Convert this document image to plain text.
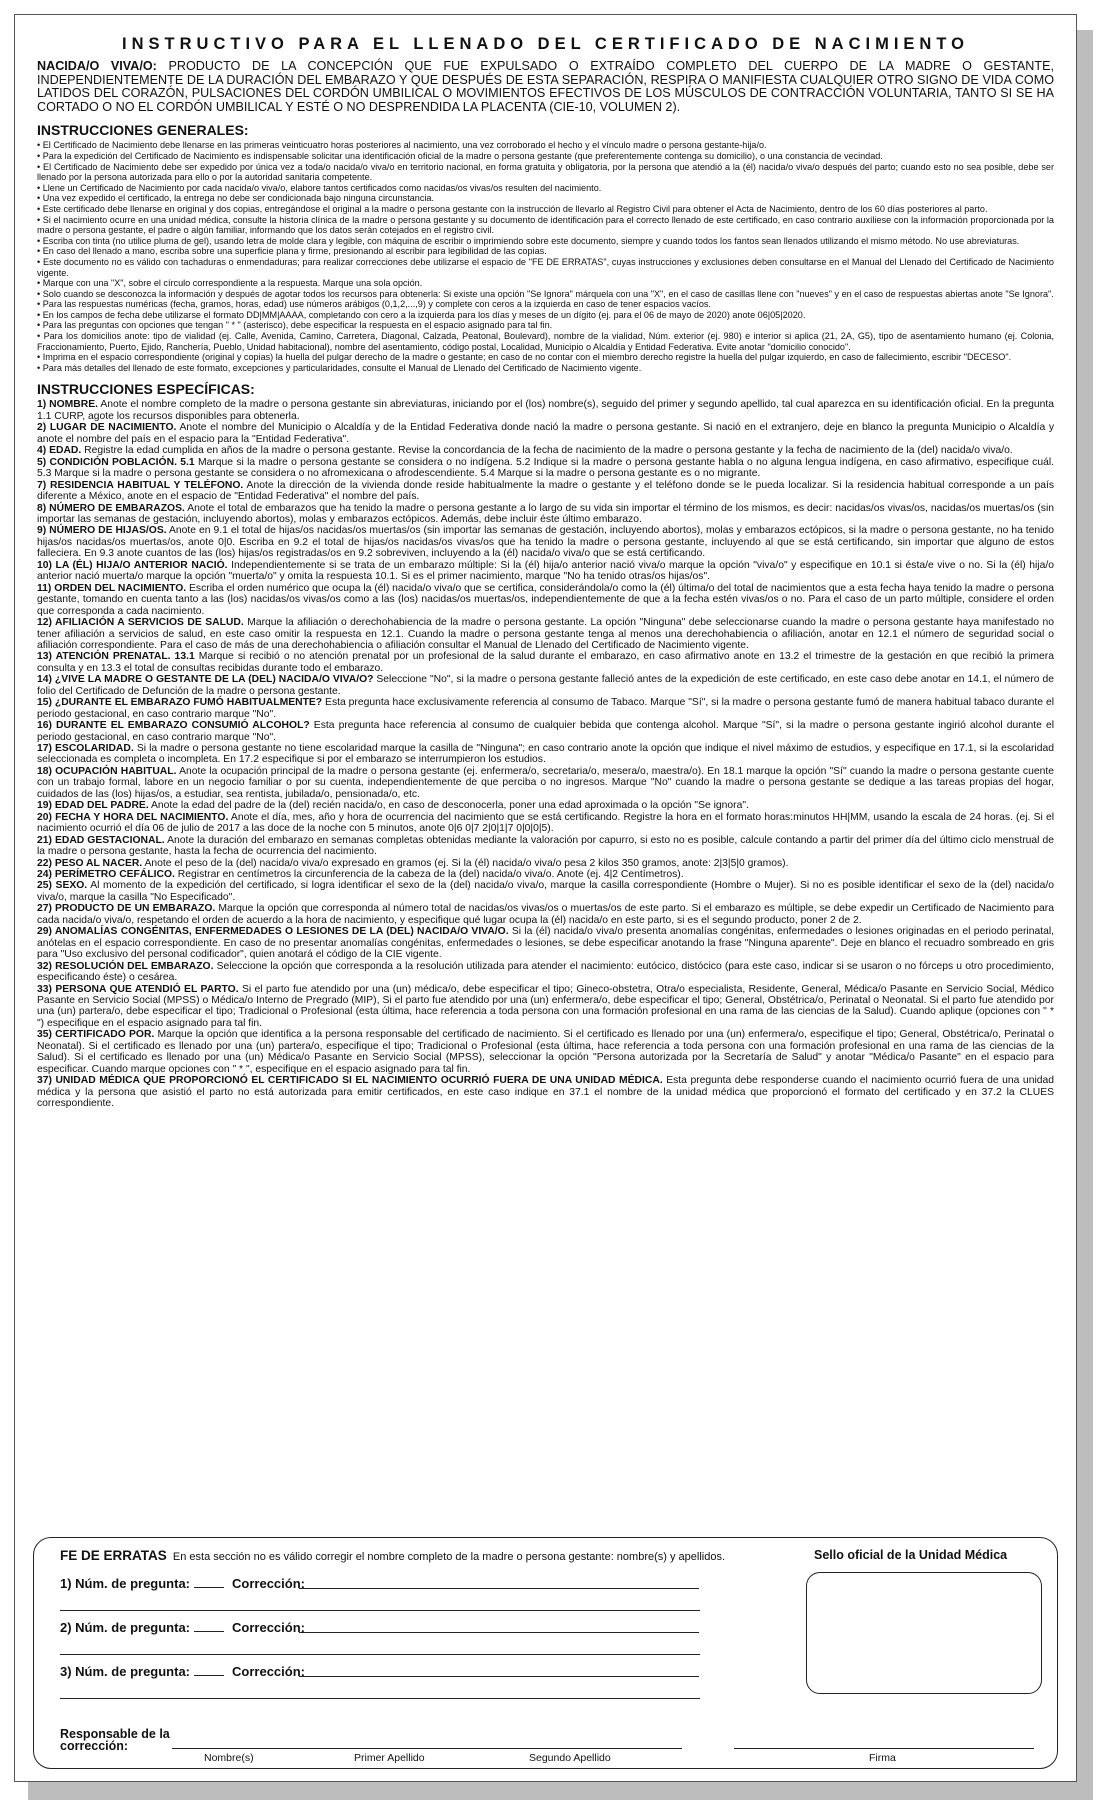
INSTRUCTIVO PARA EL LLENADO DEL CERTIFICADO DE NACIMIENTO

NACIDA/O VIVA/O: PRODUCTO DE LA CONCEPCIÓN QUE FUE EXPULSADO O EXTRAÍDO COMPLETO DEL CUERPO DE LA MADRE O GESTANTE, INDEPENDIENTEMENTE DE LA DURACIÓN DEL EMBARAZO Y QUE DESPUÉS DE ESTA SEPARACIÓN, RESPIRA O MANIFIESTA CUALQUIER OTRO SIGNO DE VIDA COMO LATIDOS DEL CORAZÓN, PULSACIONES DEL CORDÓN UMBILICAL O MOVIMIENTOS EFECTIVOS DE LOS MÚSCULOS DE CONTRACCIÓN VOLUNTARIA, TANTO SI SE HA CORTADO O NO EL CORDÓN UMBILICAL Y ESTÉ O NO DESPRENDIDA LA PLACENTA (CIE-10, VOLUMEN 2).

INSTRUCCIONES GENERALES:
• El Certificado de Nacimiento debe llenarse en las primeras veinticuatro horas posteriores al nacimiento, una vez corroborado el hecho y el vínculo madre o persona gestante-hija/o.
• Para la expedición del Certificado de Nacimiento es indispensable solicitar una identificación oficial de la madre o persona gestante (que preferentemente contenga su domicilio), o una constancia de vecindad.
• El Certificado de Nacimiento debe ser expedido por única vez a toda/o nacida/o viva/o en territorio nacional, en forma gratuita y obligatoria, por la persona que atendió a la (él) nacida/o viva/o después del parto; cuando esto no sea posible, debe ser llenado por la persona autorizada para ello o por la autoridad sanitaria competente.
• Llene un Certificado de Nacimiento por cada nacida/o viva/o, elabore tantos certificados como nacidas/os vivas/os resulten del nacimiento.
• Una vez expedido el certificado, la entrega no debe ser condicionada bajo ninguna circunstancia.
• Este certificado debe llenarse en original y dos copias, entregándose el original a la madre o persona gestante con la instrucción de llevarlo al Registro Civil para obtener el Acta de Nacimiento, dentro de los 60 días posteriores al parto.
• Si el nacimiento ocurre en una unidad médica, consulte la historia clínica de la madre o persona gestante y su documento de identificación para el correcto llenado de este certificado, en caso contrario auxíliese con la información proporcionada por la madre o persona gestante, el padre o algún familiar, informando que los datos serán cotejados en el registro civil.
• Escriba con tinta (no utilice pluma de gel), usando letra de molde clara y legible, con máquina de escribir o imprimiendo sobre este documento, siempre y cuando todos los fantos sean llenados utilizando el mismo método. No use abreviaturas.
• En caso del llenado a mano, escriba sobre una superficie plana y firme, presionando al escribir para legibilidad de las copias.
• Este documento no es válido con tachaduras o enmendaduras; para realizar correcciones debe utilizarse el espacio de "FE DE ERRATAS", cuyas instrucciones y exclusiones deben consultarse en el Manual del Llenado del Certificado de Nacimiento vigente.
• Marque con una "X", sobre el círculo correspondiente a la respuesta. Marque una sola opción.
• Solo cuando se desconozca la información y después de agotar todos los recursos para obtenerla: Si existe una opción "Se Ignora" márquela con una "X", en el caso de casillas llene con "nueves" y en el caso de respuestas abiertas anote "Se Ignora".
• Para las respuestas numéricas (fecha, gramos, horas, edad) use números arábigos (0,1,2,...,9) y complete con ceros a la izquierda en caso de tener espacios vacíos.
• En los campos de fecha debe utilizarse el formato DD|MM|AAAA, completando con cero a la izquierda para los días y meses de un dígito (ej. para el 06 de mayo de 2020) anote 06|05|2020.
• Para las preguntas con opciones que tengan " * " (asterisco), debe especificar la respuesta en el espacio asignado para tal fin.
• Para los domicilios anote: tipo de vialidad (ej. Calle, Avenida, Camino, Carretera, Diagonal, Calzada, Peatonal, Boulevard), nombre de la vialidad, Núm. exterior (ej. 980) e interior si aplica (21, 2A, G5), tipo de asentamiento humano (ej. Colonia, Fraccionamiento, Puerto, Ejido, Ranchería, Pueblo, Unidad habitacional), nombre del asentamiento, código postal, Localidad, Municipio o Alcaldía y Entidad Federativa. Evite anotar "domicilio conocido".
• Imprima en el espacio correspondiente (original y copias) la huella del pulgar derecho de la madre o gestante; en caso de no contar con el miembro derecho registre la huella del pulgar izquierdo, en caso de fallecimiento, escribir "DECESO".
• Para más detalles del llenado de este formato, excepciones y particularidades, consulte el Manual de Llenado del Certificado de Nacimiento vigente.
INSTRUCCIONES ESPECÍFICAS:

1) NOMBRE. Anote el nombre completo de la madre o persona gestante sin abreviaturas, iniciando por el (los) nombre(s), seguido del primer y segundo apellido, tal cual aparezca en su identificación oficial. En la pregunta 1.1 CURP, agote los recursos disponibles para obtenerla.

2) LUGAR DE NACIMIENTO. Anote el nombre del Municipio o Alcaldía y de la Entidad Federativa donde nació la madre o persona gestante. Si nació en el extranjero, deje en blanco la pregunta Municipio o Alcaldía y anote el nombre del país en el espacio para la "Entidad Federativa".

4) EDAD. Registre la edad cumplida en años de la madre o persona gestante. Revise la concordancia de la fecha de nacimiento de la madre o persona gestante y la fecha de nacimiento de la (del) nacida/o viva/o.

5) CONDICIÓN POBLACIÓN. 5.1 Marque si la madre o persona gestante se considera o no indígena. 5.2 Indique si la madre o persona gestante habla o no alguna lengua indígena, en caso afirmativo, especifique cuál. 5.3 Marque si la madre o persona gestante se considera o no afromexicana o afrodescendiente. 5.4 Marque si la madre o persona gestante es o no migrante.

7) RESIDENCIA HABITUAL Y TELÉFONO. Anote la dirección de la vivienda donde reside habitualmente la madre o gestante y el teléfono donde se le pueda localizar. Si la residencia habitual corresponde a un país diferente a México, anote en el espacio de "Entidad Federativa" el nombre del país.

8) NÚMERO DE EMBARAZOS. Anote el total de embarazos que ha tenido la madre o persona gestante a lo largo de su vida sin importar el término de los mismos, es decir: nacidas/os vivas/os, nacidas/os muertas/os (sin importar las semanas de gestación, incluyendo abortos), molas y embarazos ectópicos. Además, debe incluir éste último embarazo.

9) NÚMERO DE HIJAS/OS. Anote en 9.1 el total de hijas/os nacidas/os muertas/os (sin importar las semanas de gestación, incluyendo abortos), molas y embarazos ectópicos, si la madre o persona gestante, no ha tenido hijas/os nacidas/os muertas/os, anote 0|0. Escriba en 9.2 el total de hijas/os nacidas/os vivas/os que ha tenido la madre o persona gestante, incluyendo al que se está certificando, sin importar que alguno de estos falleciera. En 9.3 anote cuantos de las (los) hijas/os registradas/os en 9.2 sobreviven, incluyendo a la (él) nacida/o viva/o que se está certificando.

10) LA (ÉL) HIJA/O ANTERIOR NACIÓ. Independientemente si se trata de un embarazo múltiple: Si la (él) hija/o anterior nació viva/o marque la opción "viva/o" y especifique en 10.1 si ésta/e vive o no. Si la (él) hija/o anterior nació muerta/o marque la opción "muerta/o" y omita la respuesta 10.1. Si es el primer nacimiento, marque "No ha tenido otras/os hijas/os".

11) ORDEN DEL NACIMIENTO. Escriba el orden numérico que ocupa la (él) nacida/o viva/o que se certifica, considerándola/o como la (él) última/o del total de nacimientos que a esta fecha haya tenido la madre o persona gestante, tomando en cuenta tanto a las (los) nacidas/os vivas/os como a las (los) nacidas/os muertas/os, independientemente de que a la fecha estén vivas/os o no. Para el caso de un parto múltiple, considere el orden que corresponda a cada nacimiento.

12) AFILIACIÓN A SERVICIOS DE SALUD. Marque la afiliación o derechohabiencia de la madre o persona gestante. La opción "Ninguna" debe seleccionarse cuando la madre o persona gestante haya manifestado no tener afiliación a servicios de salud, en este caso omitir la respuesta en 12.1. Cuando la madre o persona gestante tenga al menos una derechohabiencia o afiliación, anotar en 12.1 el número de seguridad social o afiliación correspondiente. Para el caso de más de una derechohabiencia o afiliación consultar el Manual de Llenado del Certificado de Nacimiento vigente.

13) ATENCIÓN PRENATAL. 13.1 Marque si recibió o no atención prenatal por un profesional de la salud durante el embarazo, en caso afirmativo anote en 13.2 el trimestre de la gestación en que recibió la primera consulta y en 13.3 el total de consultas recibidas durante todo el embarazo.

14) ¿VIVE LA MADRE O GESTANTE DE LA (DEL) NACIDA/O VIVA/O? Seleccione "No", si la madre o persona gestante falleció antes de la expedición de este certificado, en este caso debe anotar en 14.1, el número de folio del Certificado de Defunción de la madre o persona gestante.

15) ¿DURANTE EL EMBARAZO FUMÓ HABITUALMENTE? Esta pregunta hace exclusivamente referencia al consumo de Tabaco. Marque "Sí", si la madre o persona gestante fumó de manera habitual tabaco durante el periodo gestacional, en caso contrario marque "No".

16) DURANTE EL EMBARAZO CONSUMIÓ ALCOHOL? Esta pregunta hace referencia al consumo de cualquier bebida que contenga alcohol. Marque "Sí", si la madre o persona gestante ingirió alcohol durante el periodo gestacional, en caso contrario marque "No".

17) ESCOLARIDAD. Si la madre o persona gestante no tiene escolaridad marque la casilla de "Ninguna"; en caso contrario anote la opción que indique el nivel máximo de estudios, y especifique en 17.1, si la escolaridad seleccionada es completa o incompleta. En 17.2 especifique si por el embarazo se interrumpieron los estudios.

18) OCUPACIÓN HABITUAL. Anote la ocupación principal de la madre o persona gestante (ej. enfermera/o, secretaria/o, mesera/o, maestra/o). En 18.1 marque la opción "Sí" cuando la madre o persona gestante cuente con un trabajo formal, labore en un negocio familiar o por su cuenta, independientemente de que perciba o no ingresos. Marque "No" cuando la madre o persona gestante se dedique a las tareas propias del hogar, cuidados de las (los) hijas/os, a estudiar, sea rentista, jubilada/o, pensionada/o, etc.

19) EDAD DEL PADRE. Anote la edad del padre de la (del) recién nacida/o, en caso de desconocerla, poner una edad aproximada o la opción "Se ignora".

20) FECHA Y HORA DEL NACIMIENTO. Anote el día, mes, año y hora de ocurrencia del nacimiento que se está certificando. Registre la hora en el formato horas:minutos HH|MM, usando la escala de 24 horas. (ej. Si el nacimiento ocurrió el día 06 de julio de 2017 a las doce de la noche con 5 minutos, anote 0|6 0|7 2|0|1|7 0|0|0|5).

21) EDAD GESTACIONAL. Anote la duración del embarazo en semanas completas obtenidas mediante la valoración por capurro, si esto no es posible, calcule contando a partir del primer día del último ciclo menstrual de la madre o persona gestante, hasta la fecha de ocurrencia del nacimiento.

22) PESO AL NACER. Anote el peso de la (del) nacida/o viva/o expresado en gramos (ej. Si la (él) nacida/o viva/o pesa 2 kilos 350 gramos, anote: 2|3|5|0 gramos).

24) PERÍMETRO CEFÁLICO. Registrar en centímetros la circunferencia de la cabeza de la (del) nacida/o viva/o. Anote (ej. 4|2 Centímetros).

25) SEXO. Al momento de la expedición del certificado, si logra identificar el sexo de la (del) nacida/o viva/o, marque la casilla correspondiente (Hombre o Mujer). Si no es posible identificar el sexo de la (del) nacida/o viva/o, marque la casilla "No Especificado".

27) PRODUCTO DE UN EMBARAZO. Marque la opción que corresponda al número total de nacidas/os vivas/os o muertas/os de este parto. Si el embarazo es múltiple, se debe expedir un Certificado de Nacimiento para cada nacida/o viva/o, respetando el orden de acuerdo a la hora de nacimiento, y especifique qué lugar ocupa la (él) nacida/o en este parto, si es el segundo producto, poner 2 de 2.

29) ANOMALÍAS CONGÉNITAS, ENFERMEDADES O LESIONES DE LA (DEL) NACIDA/O VIVA/O. Si la (él) nacida/o viva/o presenta anomalías congénitas, enfermedades o lesiones originadas en el periodo perinatal, anótelas en el espacio correspondiente. En caso de no presentar anomalías congénitas, enfermedades o lesiones, se debe especificar anotando la frase "Ninguna aparente". Deje en blanco el recuadro sombreado en gris para "Uso exclusivo del personal codificador", quien anotará el código de la CIE vigente.

32) RESOLUCIÓN DEL EMBARAZO. Seleccione la opción que corresponda a la resolución utilizada para atender el nacimiento: eutócico, distócico (para este caso, indicar si se usaron o no fórceps u otro procedimiento, especificando éste) o cesárea.

33) PERSONA QUE ATENDIÓ EL PARTO. Si el parto fue atendido por una (un) médica/o, debe especificar el tipo; Gineco-obstetra, Otra/o especialista, Residente, General, Médica/o Pasante en Servicio Social, Médico Pasante en Servicio Social (MPSS) o Médica/o Interno de Pregrado (MIP), Si el parto fue atendido por una (un) enfermera/o, debe especificar el tipo; General, Obstétrica/o, Perinatal o Neonatal. Si el parto fue atendido por una (un) partera/o, debe especificar el tipo; Tradicional o Profesional (esta última, hace referencia a toda persona con una formación profesional en una rama de las ciencias de la Salud). Cuando aplique (opciones con " * ") especifique en el espacio asignado para tal fin.

35) CERTIFICADO POR. Marque la opción que identifica a la persona responsable del certificado de nacimiento. Si el certificado es llenado por una (un) enfermera/o, especifique el tipo; General, Obstétrica/o, Perinatal o Neonatal). Si el certificado es llenado por una (un) partera/o, especifique el tipo; Tradicional o Profesional (esta última, hace referencia a toda persona con una formación profesional en una rama de las ciencias de la Salud). Si el certificado es llenado por una (un) Médica/o Pasante en Servicio Social (MPSS), seleccionar la opción "Persona autorizada por la Secretaría de Salud" y anotar "Médica/o Pasante" en el espacio para especificar. Cuando marque opciones con " * ", especifique en el espacio asignado para tal fin.

37) UNIDAD MÉDICA QUE PROPORCIONÓ EL CERTIFICADO SI EL NACIMIENTO OCURRIÓ FUERA DE UNA UNIDAD MÉDICA. Esta pregunta debe responderse cuando el nacimiento ocurrió fuera de una unidad médica y la persona que asistió el parto no está autorizada para emitir certificados, en este caso indique en 37.1 el nombre de la unidad médica que proporcionó el formato del certificado y en 37.2 la CLUES correspondiente.

FE DE ERRATAS En esta sección no es válido corregir el nombre completo de la madre o persona gestante: nombre(s) y apellidos.
1) Núm. de pregunta:	Corrección:
2) Núm. de pregunta:	Corrección:
3) Núm. de pregunta:	Corrección:
Sello oficial de la Unidad Médica
Responsable de la corrección:
Nombre(s)	Primer Apellido	Segundo Apellido	Firma
